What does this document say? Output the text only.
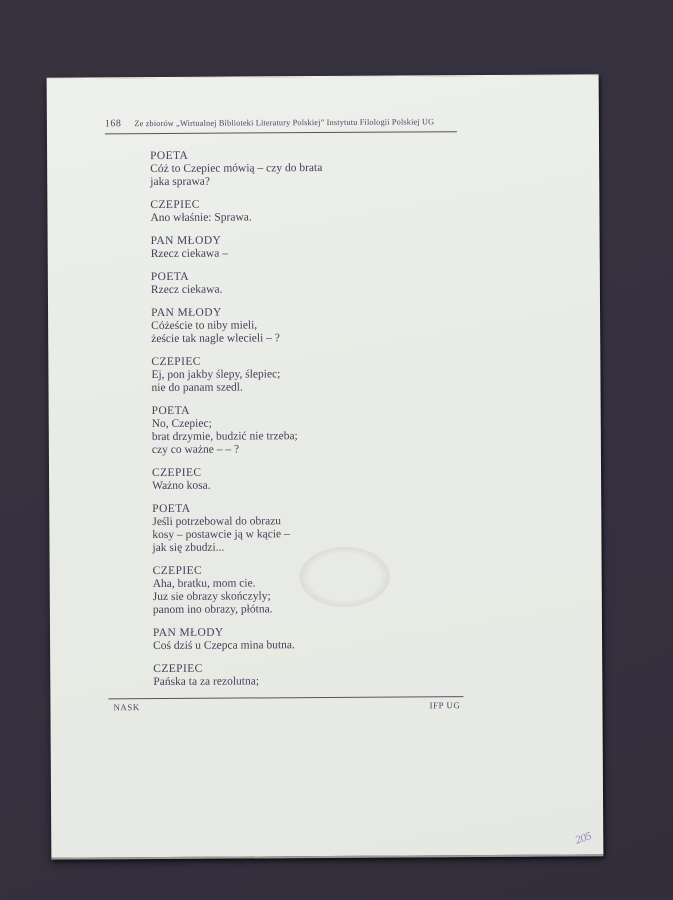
168 Ze zbiorów „Wirtualnej Biblioteki Literatury Polskiej” Instytutu Filologii Polskiej UG
POETA
Cóż to Czepiec mówią – czy do brata
jaka sprawa?
CZEPIEC
Ano właśnie: Sprawa.
PAN MŁODY
Rzecz ciekawa –
POETA
Rzecz ciekawa.
PAN MŁODY
Cóżeście to niby mieli,
żeście tak nagle wlecieli – ?
CZEPIEC
Ej, pon jakby ślepy, ślepiec;
nie do panam szedl.
POETA
No, Czepiec;
brat drzymie, budzić nie trzeba;
czy co ważne – – ?
CZEPIEC
Ważno kosa.
POETA
Jeśli potrzebowal do obrazu
kosy – postawcie ją w kącie –
jak się zbudzi...
CZEPIEC
Aha, bratku, mom cie.
Juz sie obrazy skończyly;
panom ino obrazy, płótna.
PAN MŁODY
Coś dziś u Czepca mina butna.
CZEPIEC
Pańska ta za rezolutna;
NASK	IFP UG
205
